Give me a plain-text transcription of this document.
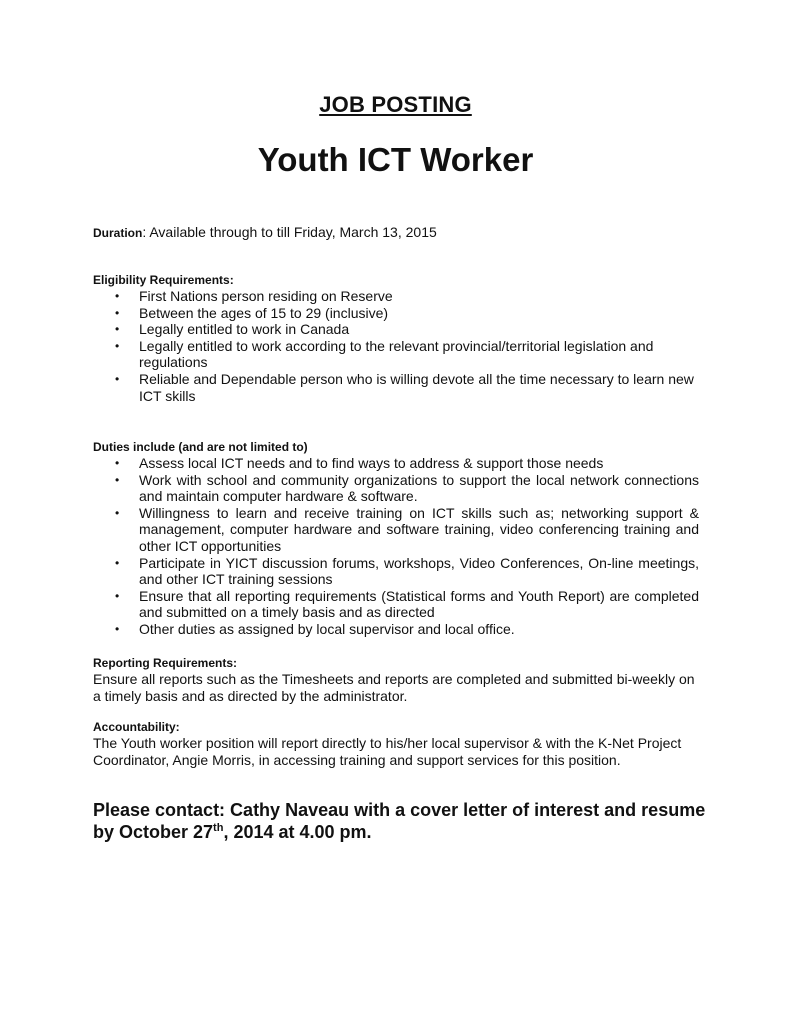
JOB POSTING
Youth ICT Worker
Duration: Available through to till Friday, March 13, 2015

Eligibility Requirements:

• First Nations person residing on Reserve
• Between the ages of 15 to 29 (inclusive)
• Legally entitled to work in Canada
• Legally entitled to work according to the relevant provincial/territorial legislation and regulations
• Reliable and Dependable person who is willing devote all the time necessary to learn new ICT skills

Duties include (and are not limited to)

• Assess local ICT needs and to find ways to address & support those needs
• Work with school and community organizations to support the local network connections and maintain computer hardware & software.
• Willingness to learn and receive training on ICT skills such as; networking support & management, computer hardware and software training, video conferencing training and other ICT opportunities
• Participate in YICT discussion forums, workshops, Video Conferences, On-line meetings, and other ICT training sessions
• Ensure that all reporting requirements (Statistical forms and Youth Report) are completed and submitted on a timely basis and as directed
• Other duties as assigned by local supervisor and local office.

Reporting Requirements:

Ensure all reports such as the Timesheets and reports are completed and submitted bi-weekly on a timely basis and as directed by the administrator.

Accountability:

The Youth worker position will report directly to his/her local supervisor & with the K-Net Project Coordinator, Angie Morris, in accessing training and support services for this position.

Please contact: Cathy Naveau with a cover letter of interest and resume by October 27th, 2014 at 4.00 pm.
